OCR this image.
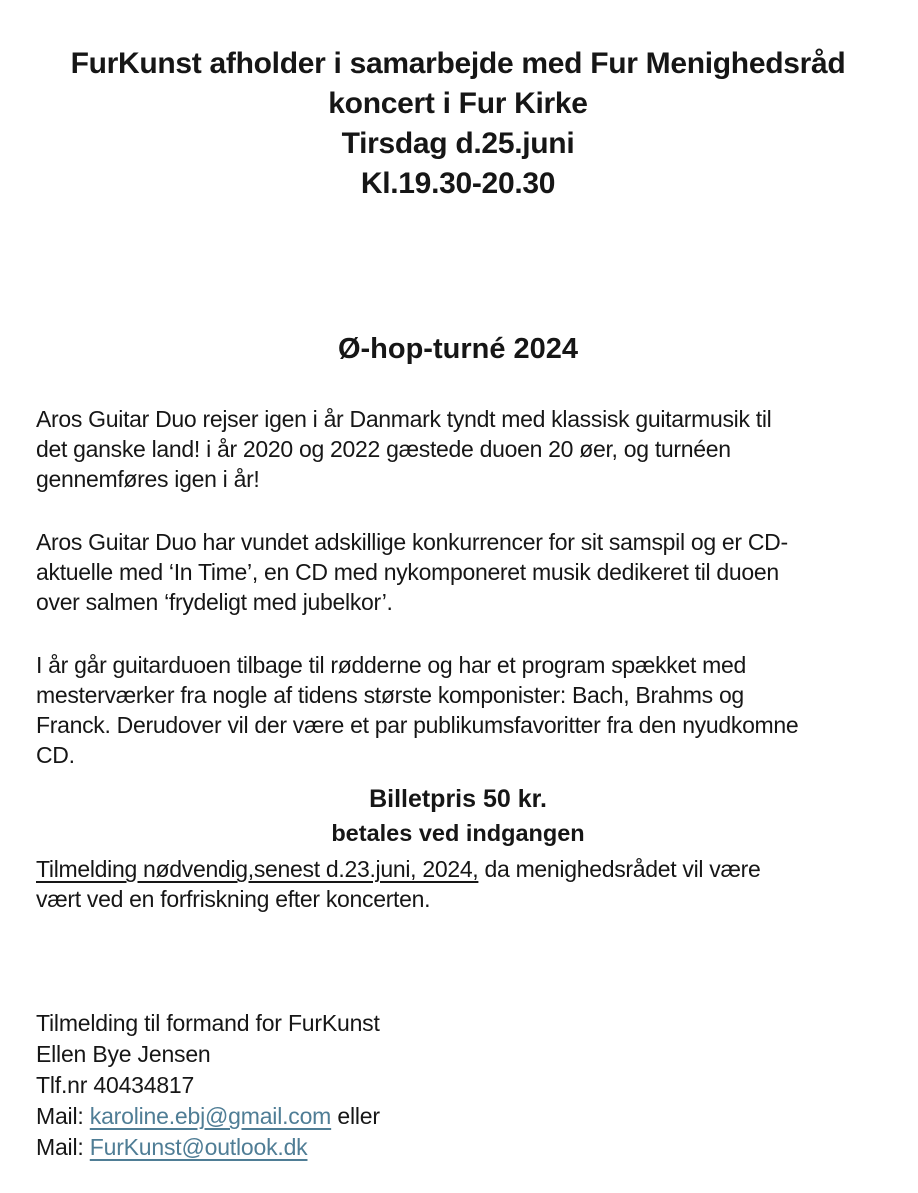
FurKunst afholder i samarbejde med Fur Menighedsråd
koncert i Fur Kirke
Tirsdag d.25.juni
Kl.19.30-20.30
Ø-hop-turné 2024
Aros Guitar Duo rejser igen i år Danmark tyndt med klassisk guitarmusik til
det ganske land! i år 2020 og 2022 gæstede duoen 20 øer, og turnéen
gennemføres igen i år!
Aros Guitar Duo har vundet adskillige konkurrencer for sit samspil og er CD-
aktuelle med ‘In Time’, en CD med nykomponeret musik dedikeret til duoen
over salmen ‘frydeligt med jubelkor’.
I år går guitarduoen tilbage til rødderne og har et program spækket med
mesterværker fra nogle af tidens største komponister: Bach, Brahms og
Franck. Derudover vil der være et par publikumsfavoritter fra den nyudkomne
CD.
Billetpris 50 kr.
betales ved indgangen
Tilmelding nødvendig,senest d.23.juni, 2024, da menighedsrådet vil være
vært ved en forfriskning efter koncerten.
Tilmelding til formand for FurKunst
Ellen Bye Jensen
Tlf.nr 40434817
Mail: karoline.ebj@gmail.com eller
Mail: FurKunst@outlook.dk
